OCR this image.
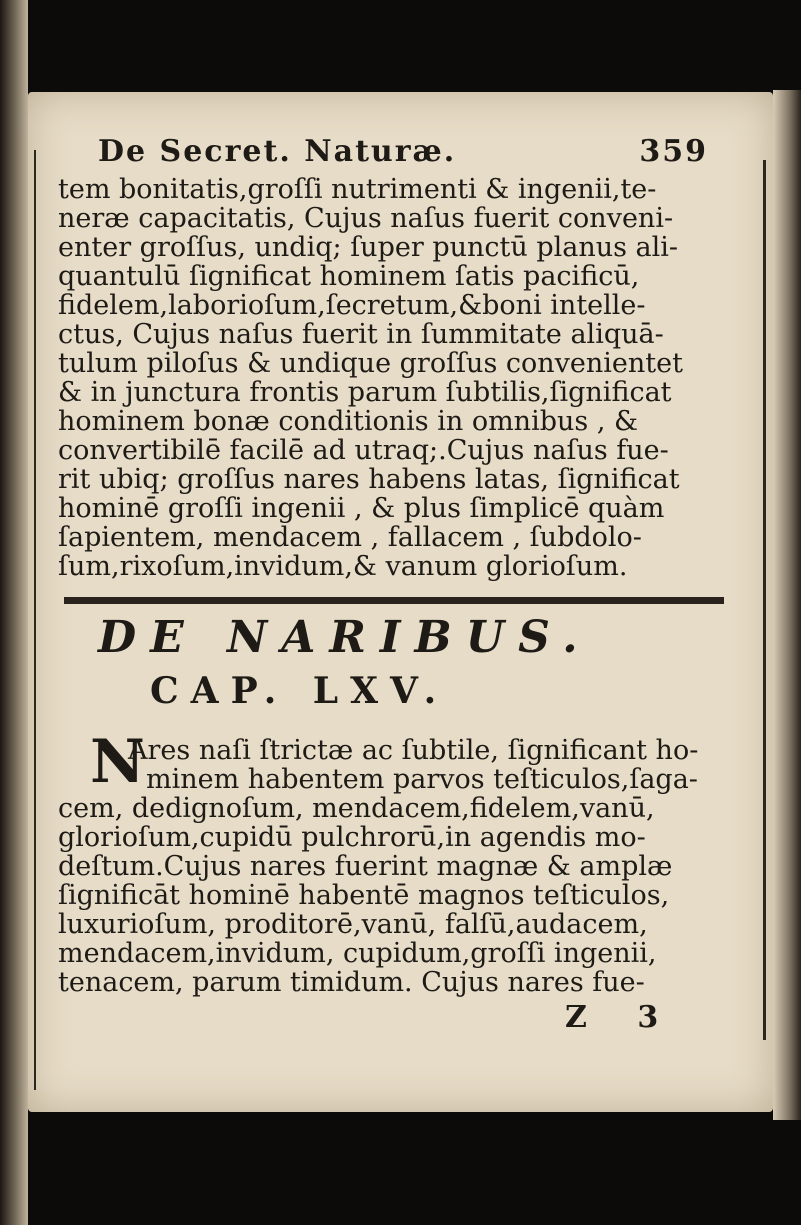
De Secret. Naturæ.	359
tem bonitatis,groſſi nutrimenti & ingenii,te-
neræ capacitatis, Cujus naſus fuerit conveni-
enter groſſus, undiq; ſuper punctū planus ali-
quantulū ſignificat hominem ſatis pacificū,
fidelem,laborioſum,ſecretum,&boni intelle-
ctus, Cujus naſus fuerit in ſummitate aliquā-
tulum piloſus & undique groſſus convenientet
& in junctura frontis parum ſubtilis,ſignificat
hominem bonæ conditionis in omnibus , &
convertibilē facilē ad utraq;.Cujus naſus fue-
rit ubiq; groſſus nares habens latas, ſignificat
hominē groſſi ingenii , & plus ſimplicē quàm
ſapientem, mendacem , fallacem , ſubdolo-
ſum,rixoſum,invidum,& vanum glorioſum.
DE NARIBUS.
CAP. LXV.
N
Ares naſi ſtrictæ ac ſubtile, ſignificant ho-
minem habentem parvos teſticulos,ſaga-
cem, dedignoſum, mendacem,fidelem,vanū,
glorioſum,cupidū pulchrorū,in agendis mo-
deſtum.Cujus nares fuerint magnæ & amplæ
ſignificāt hominē habentē magnos teſticulos,
luxurioſum, proditorē,vanū, falſū,audacem,
mendacem,invidum, cupidum,groſſi ingenii,
tenacem, parum timidum. Cujus nares fue-
Z 3
